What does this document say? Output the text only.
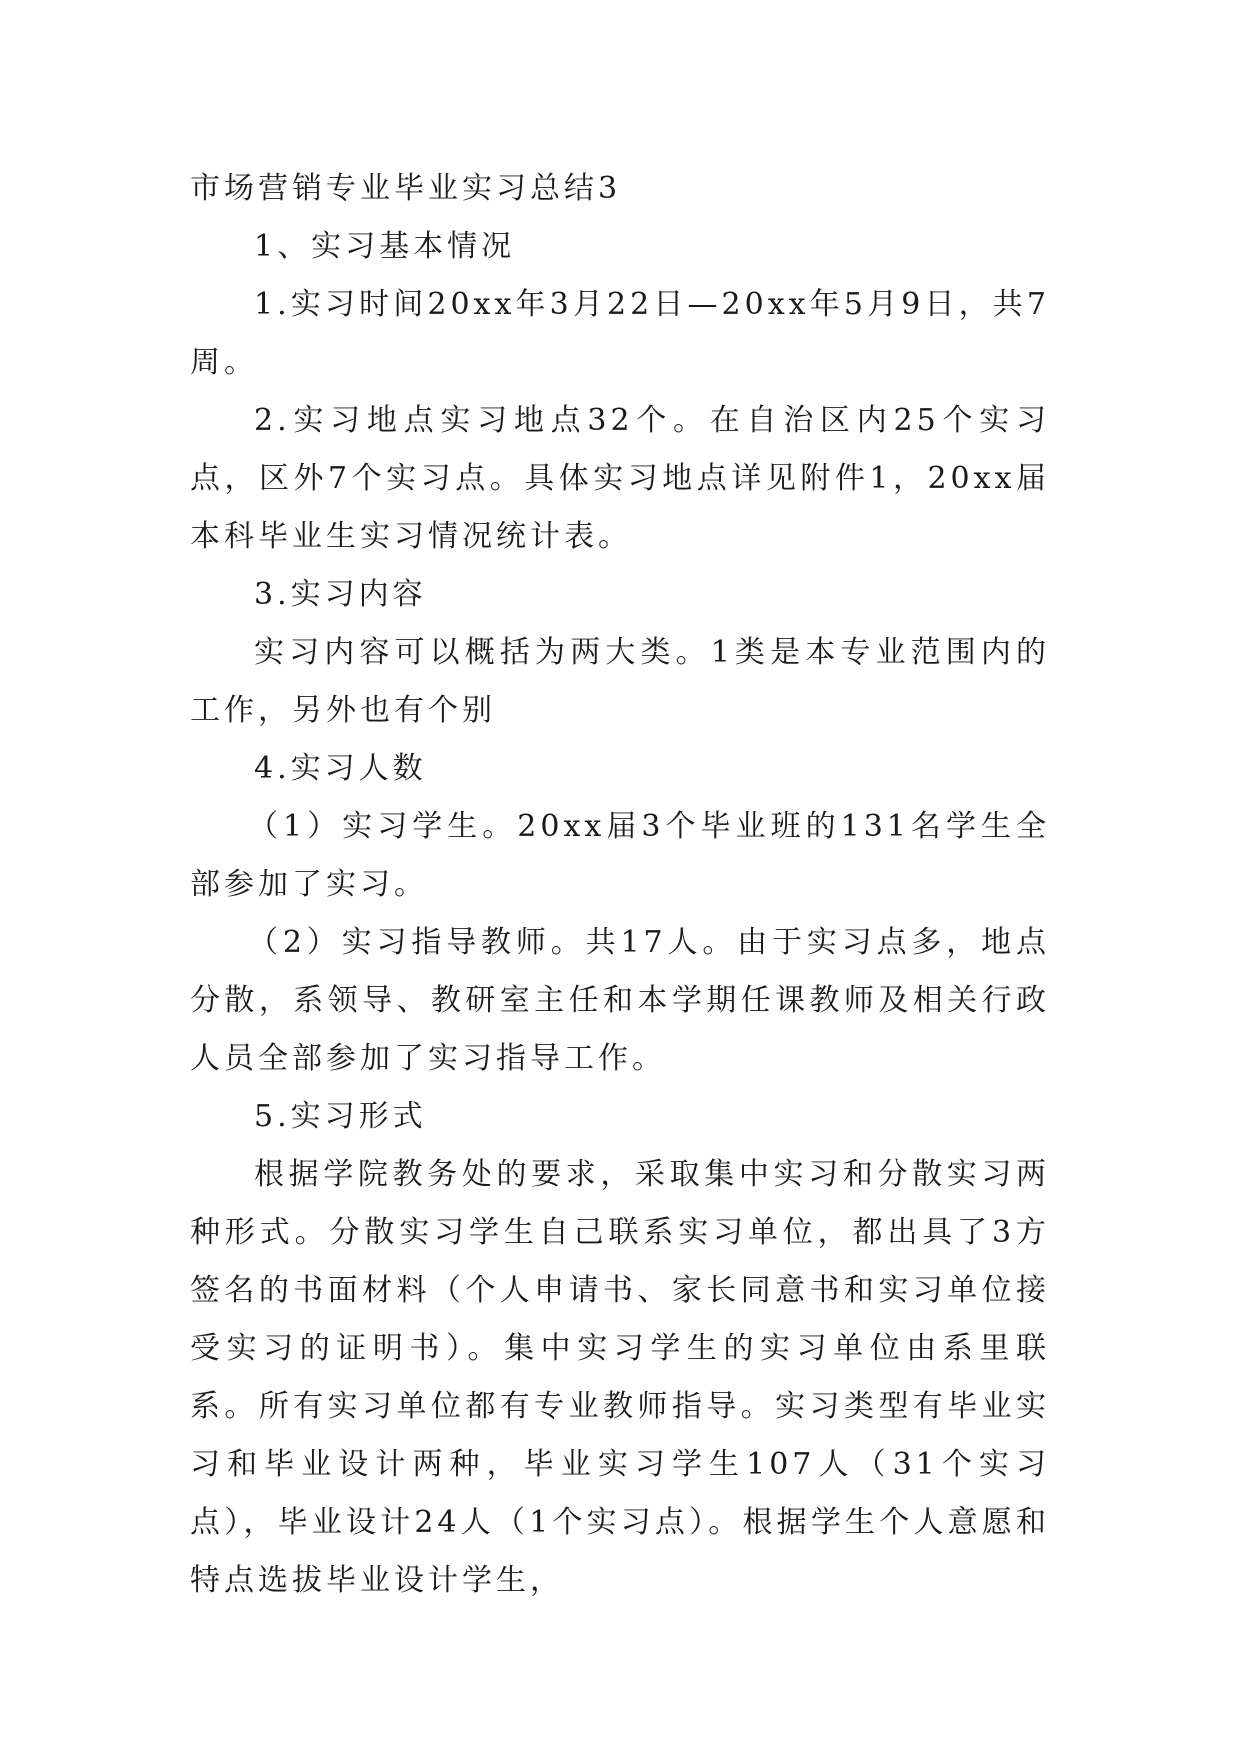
市场营销专业毕业实习总结3

1、实习基本情况

1.实习时间20xx年3月22日—20xx年5月9日，共7周。

2.实习地点实习地点32个。在自治区内25个实习点，区外7个实习点。具体实习地点详见附件1，20xx届本科毕业生实习情况统计表。

3.实习内容

实习内容可以概括为两大类。1类是本专业范围内的工作，另外也有个别

4.实习人数

（1）实习学生。20xx届3个毕业班的131名学生全部参加了实习。

（2）实习指导教师。共17人。由于实习点多，地点分散，系领导、教研室主任和本学期任课教师及相关行政人员全部参加了实习指导工作。

5.实习形式

根据学院教务处的要求，采取集中实习和分散实习两种形式。分散实习学生自己联系实习单位，都出具了3方签名的书面材料（个人申请书、家长同意书和实习单位接受实习的证明书）。集中实习学生的实习单位由系里联系。所有实习单位都有专业教师指导。实习类型有毕业实习和毕业设计两种，毕业实习学生107人（31个实习点），毕业设计24人（1个实习点）。根据学生个人意愿和特点选拔毕业设计学生，
